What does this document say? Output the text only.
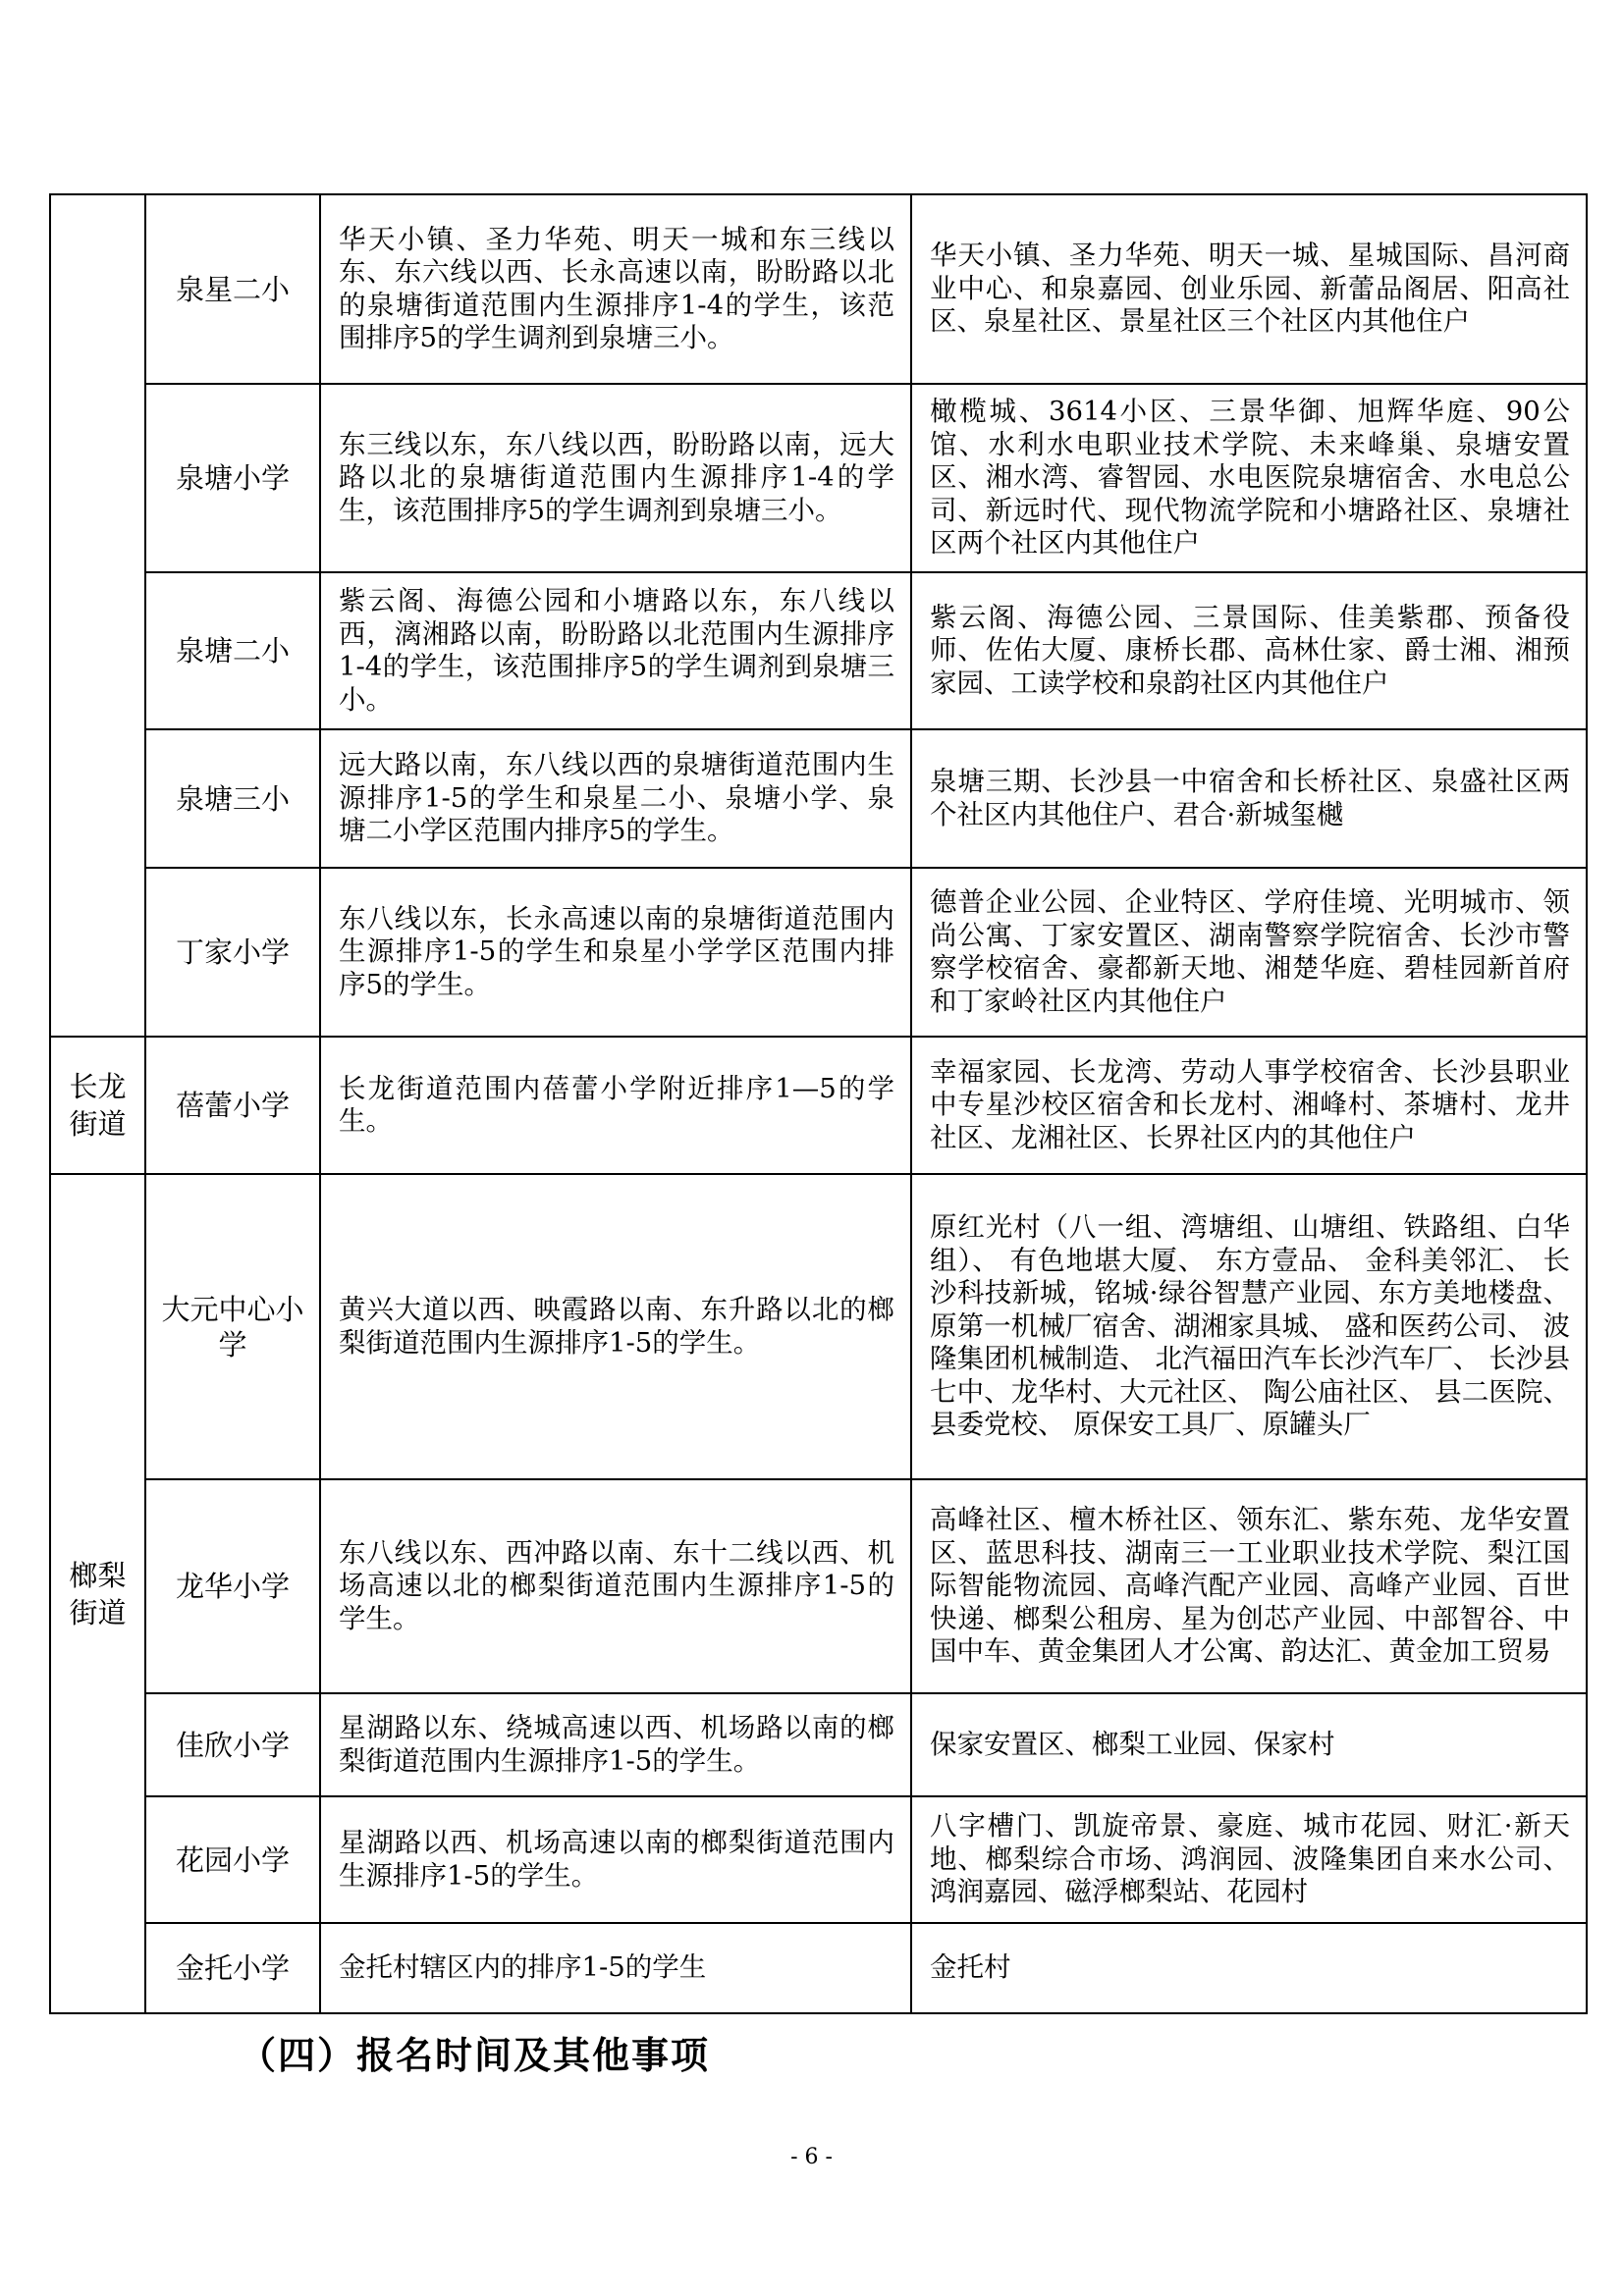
	泉星二小	华天小镇、圣力华苑、明天一城和东三线以东、东六线以西、长永高速以南，盼盼路以北的泉塘街道范围内生源排序1-4的学生，该范围排序5的学生调剂到泉塘三小。	华天小镇、圣力华苑、明天一城、星城国际、昌河商业中心、和泉嘉园、创业乐园、新蕾品阁居、阳高社区、泉星社区、景星社区三个社区内其他住户
	泉塘小学	东三线以东，东八线以西，盼盼路以南，远大路以北的泉塘街道范围内生源排序1-4的学生，该范围排序5的学生调剂到泉塘三小。	橄榄城、3614小区、三景华御、旭辉华庭、90公馆、水利水电职业技术学院、未来峰巢、泉塘安置区、湘水湾、睿智园、水电医院泉塘宿舍、水电总公司、新远时代、现代物流学院和小塘路社区、泉塘社区两个社区内其他住户
	泉塘二小	紫云阁、海德公园和小塘路以东，东八线以西，漓湘路以南，盼盼路以北范围内生源排序1-4的学生，该范围排序5的学生调剂到泉塘三小。	紫云阁、海德公园、三景国际、佳美紫郡、预备役师、佐佑大厦、康桥长郡、高林仕家、爵士湘、湘预家园、工读学校和泉韵社区内其他住户
	泉塘三小	远大路以南，东八线以西的泉塘街道范围内生源排序1-5的学生和泉星二小、泉塘小学、泉塘二小学区范围内排序5的学生。	泉塘三期、长沙县一中宿舍和长桥社区、泉盛社区两个社区内其他住户、君合·新城玺樾
	丁家小学	东八线以东，长永高速以南的泉塘街道范围内生源排序1-5的学生和泉星小学学区范围内排序5的学生。	德普企业公园、企业特区、学府佳境、光明城市、领尚公寓、丁家安置区、湖南警察学院宿舍、长沙市警察学校宿舍、豪都新天地、湘楚华庭、碧桂园新首府和丁家岭社区内其他住户
长龙街道	蓓蕾小学	长龙街道范围内蓓蕾小学附近排序1—5的学生。	幸福家园、长龙湾、劳动人事学校宿舍、长沙县职业中专星沙校区宿舍和长龙村、湘峰村、茶塘村、龙井社区、龙湘社区、长界社区内的其他住户
榔梨街道	大元中心小学	黄兴大道以西、映霞路以南、东升路以北的榔梨街道范围内生源排序1-5的学生。	原红光村（八一组、湾塘组、山塘组、铁路组、白华组）、 有色地堪大厦、 东方壹品、 金科美邻汇、 长沙科技新城，铭城·绿谷智慧产业园、东方美地楼盘、原第一机械厂宿舍、湖湘家具城、 盛和医药公司、 波隆集团机械制造、 北汽福田汽车长沙汽车厂、 长沙县七中、龙华村、大元社区、 陶公庙社区、 县二医院、 县委党校、 原保安工具厂、原罐头厂
	龙华小学	东八线以东、西冲路以南、东十二线以西、机场高速以北的榔梨街道范围内生源排序1-5的学生。	高峰社区、檀木桥社区、领东汇、紫东苑、龙华安置区、蓝思科技、湖南三一工业职业技术学院、梨江国际智能物流园、高峰汽配产业园、高峰产业园、百世快递、榔梨公租房、星为创芯产业园、中部智谷、中国中车、黄金集团人才公寓、韵达汇、黄金加工贸易
	佳欣小学	星湖路以东、绕城高速以西、机场路以南的榔梨街道范围内生源排序1-5的学生。	保家安置区、榔梨工业园、保家村
	花园小学	星湖路以西、机场高速以南的榔梨街道范围内生源排序1-5的学生。	八字槽门、凯旋帝景、豪庭、城市花园、财汇·新天地、榔梨综合市场、鸿润园、波隆集团自来水公司、鸿润嘉园、磁浮榔梨站、花园村
	金托小学	金托村辖区内的排序1-5的学生	金托村
（四）报名时间及其他事项

- 6 -
